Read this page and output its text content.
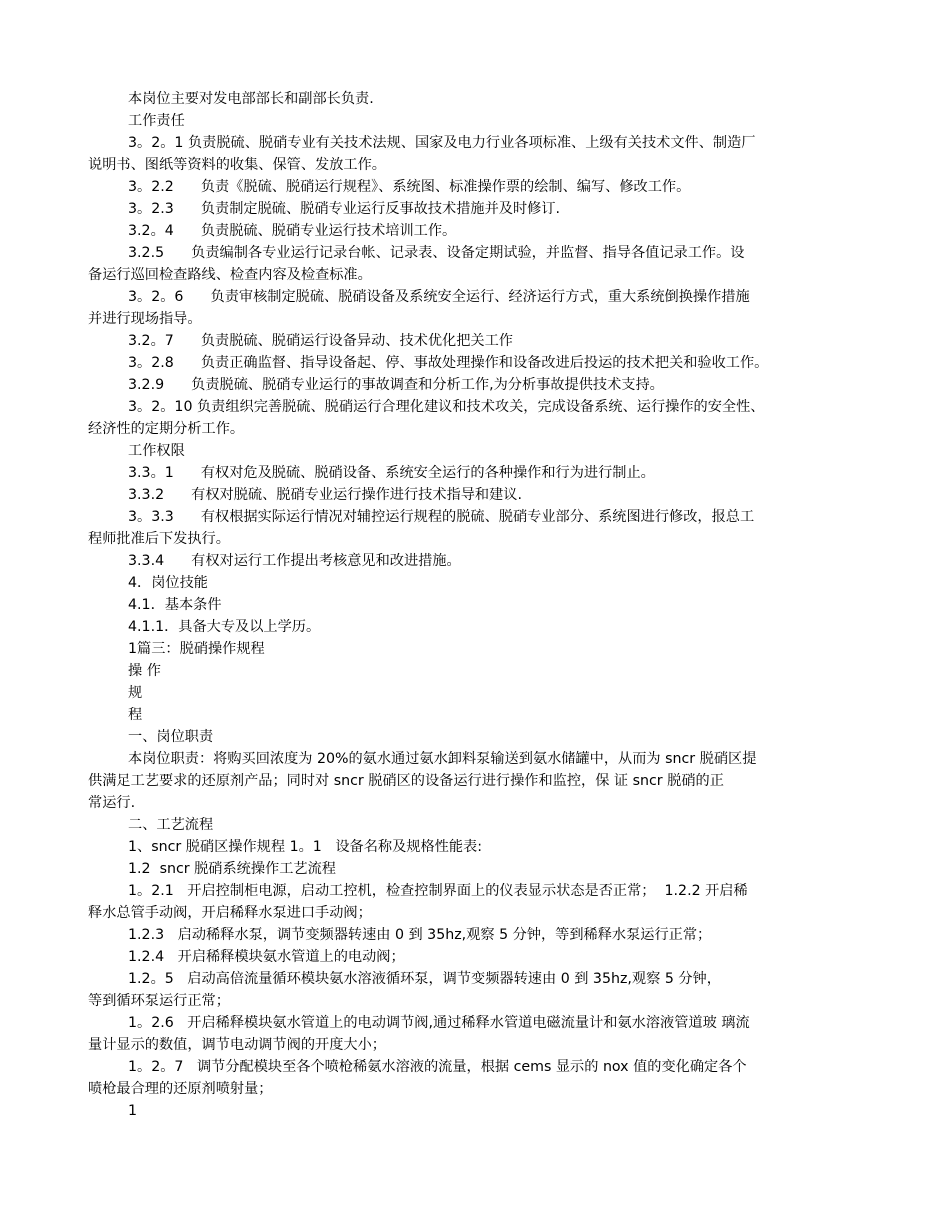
本岗位主要对发电部部长和副部长负责.
工作责任
3。2。1 负责脱硫、脱硝专业有关技术法规、国家及电力行业各项标准、上级有关技术文件、制造厂
说明书、图纸等资料的收集、保管、发放工作。
3。2.2      负责《脱硫、脱硝运行规程》、系统图、标准操作票的绘制、编写、修改工作。
3。2.3      负责制定脱硫、脱硝专业运行反事故技术措施并及时修订.
3.2。4      负责脱硫、脱硝专业运行技术培训工作。
3.2.5      负责编制各专业运行记录台帐、记录表、设备定期试验，并监督、指导各值记录工作。设
备运行巡回检查路线、检查内容及检查标准。
3。2。6      负责审核制定脱硫、脱硝设备及系统安全运行、经济运行方式，重大系统倒换操作措施
并进行现场指导。
3.2。7      负责脱硫、脱硝运行设备异动、技术优化把关工作
3。2.8      负责正确监督、指导设备起、停、事故处理操作和设备改进后投运的技术把关和验收工作。
3.2.9      负责脱硫、脱硝专业运行的事故调查和分析工作,为分析事故提供技术支持。
3。2。10 负责组织完善脱硫、脱硝运行合理化建议和技术攻关，完成设备系统、运行操作的安全性、
经济性的定期分析工作。
工作权限
3.3。1      有权对危及脱硫、脱硝设备、系统安全运行的各种操作和行为进行制止。
3.3.2      有权对脱硫、脱硝专业运行操作进行技术指导和建议.
3。3.3      有权根据实际运行情况对辅控运行规程的脱硫、脱硝专业部分、系统图进行修改，报总工
程师批准后下发执行。
3.3.4      有权对运行工作提出考核意见和改进措施。
4．岗位技能
4.1．基本条件
4.1.1．具备大专及以上学历。
1篇三：脱硝操作规程
操 作
规
程
一、岗位职责
本岗位职责：将购买回浓度为 20%的氨水通过氨水卸料泵输送到氨水储罐中，从而为 sncr 脱硝区提
供满足工艺要求的还原剂产品；同时对 sncr 脱硝区的设备运行进行操作和监控，保 证 sncr 脱硝的正
常运行.
二、工艺流程
1、sncr 脱硝区操作规程 1。1   设备名称及规格性能表:
1.2  sncr 脱硝系统操作工艺流程
1。2.1   开启控制柜电源，启动工控机，检查控制界面上的仪表显示状态是否正常；  1.2.2 开启稀
释水总管手动阀，开启稀释水泵进口手动阀；
1.2.3   启动稀释水泵，调节变频器转速由 0 到 35hz,观察 5 分钟，等到稀释水泵运行正常；
1.2.4   开启稀释模块氨水管道上的电动阀；
1.2。5   启动高倍流量循环模块氨水溶液循环泵，调节变频器转速由 0 到 35hz,观察 5 分钟，
等到循环泵运行正常；
1。2.6   开启稀释模块氨水管道上的电动调节阀,通过稀释水管道电磁流量计和氨水溶液管道玻 璃流
量计显示的数值，调节电动调节阀的开度大小；
1。2。7   调节分配模块至各个喷枪稀氨水溶液的流量，根据 cems 显示的 nox 值的变化确定各个
喷枪最合理的还原剂喷射量；
1
